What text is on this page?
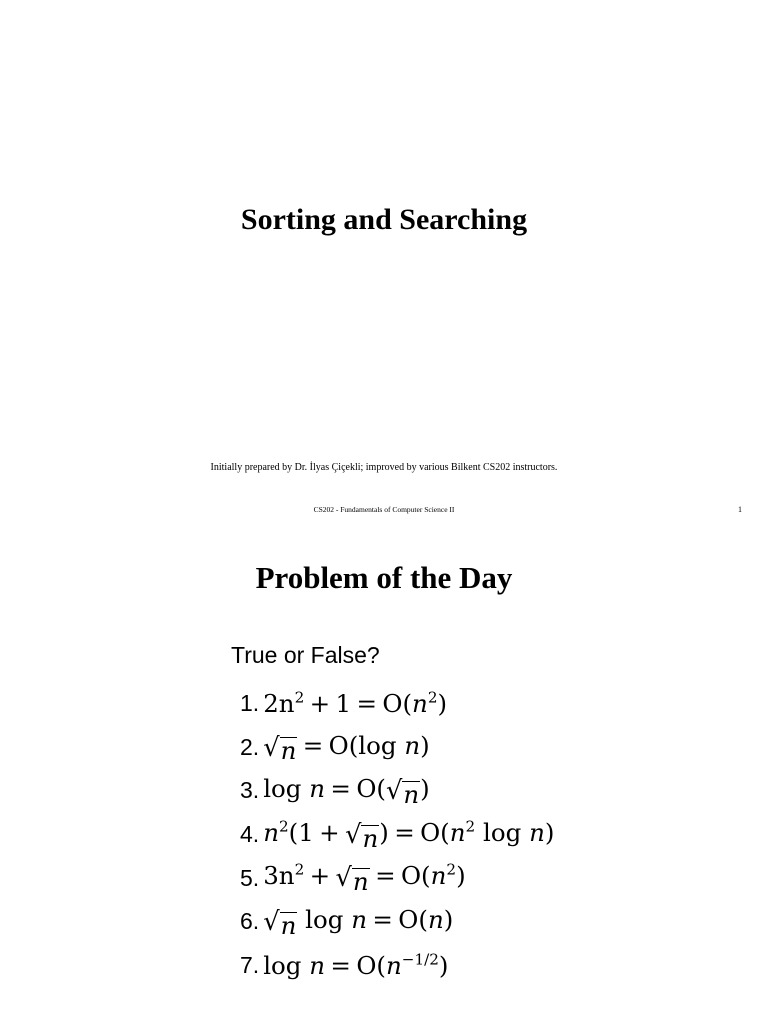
Sorting and Searching
Initially prepared by Dr. İlyas Çiçekli; improved by various Bilkent CS202 instructors.
CS202 - Fundamentals of Computer Science II	1
Problem of the Day
True or False?
1. $2n^2 + 1 = O(n^2)$
2. √ n = O(log n)
3. log n = O( √ n )
4. $n^2(1$ + √ n ) = $O(n^2$ log n)
5. $3n^2$ + √ $n = O(n^2)$
6. √ n log n = O(n)
7. $\log n = O(n^{-1/2})$
